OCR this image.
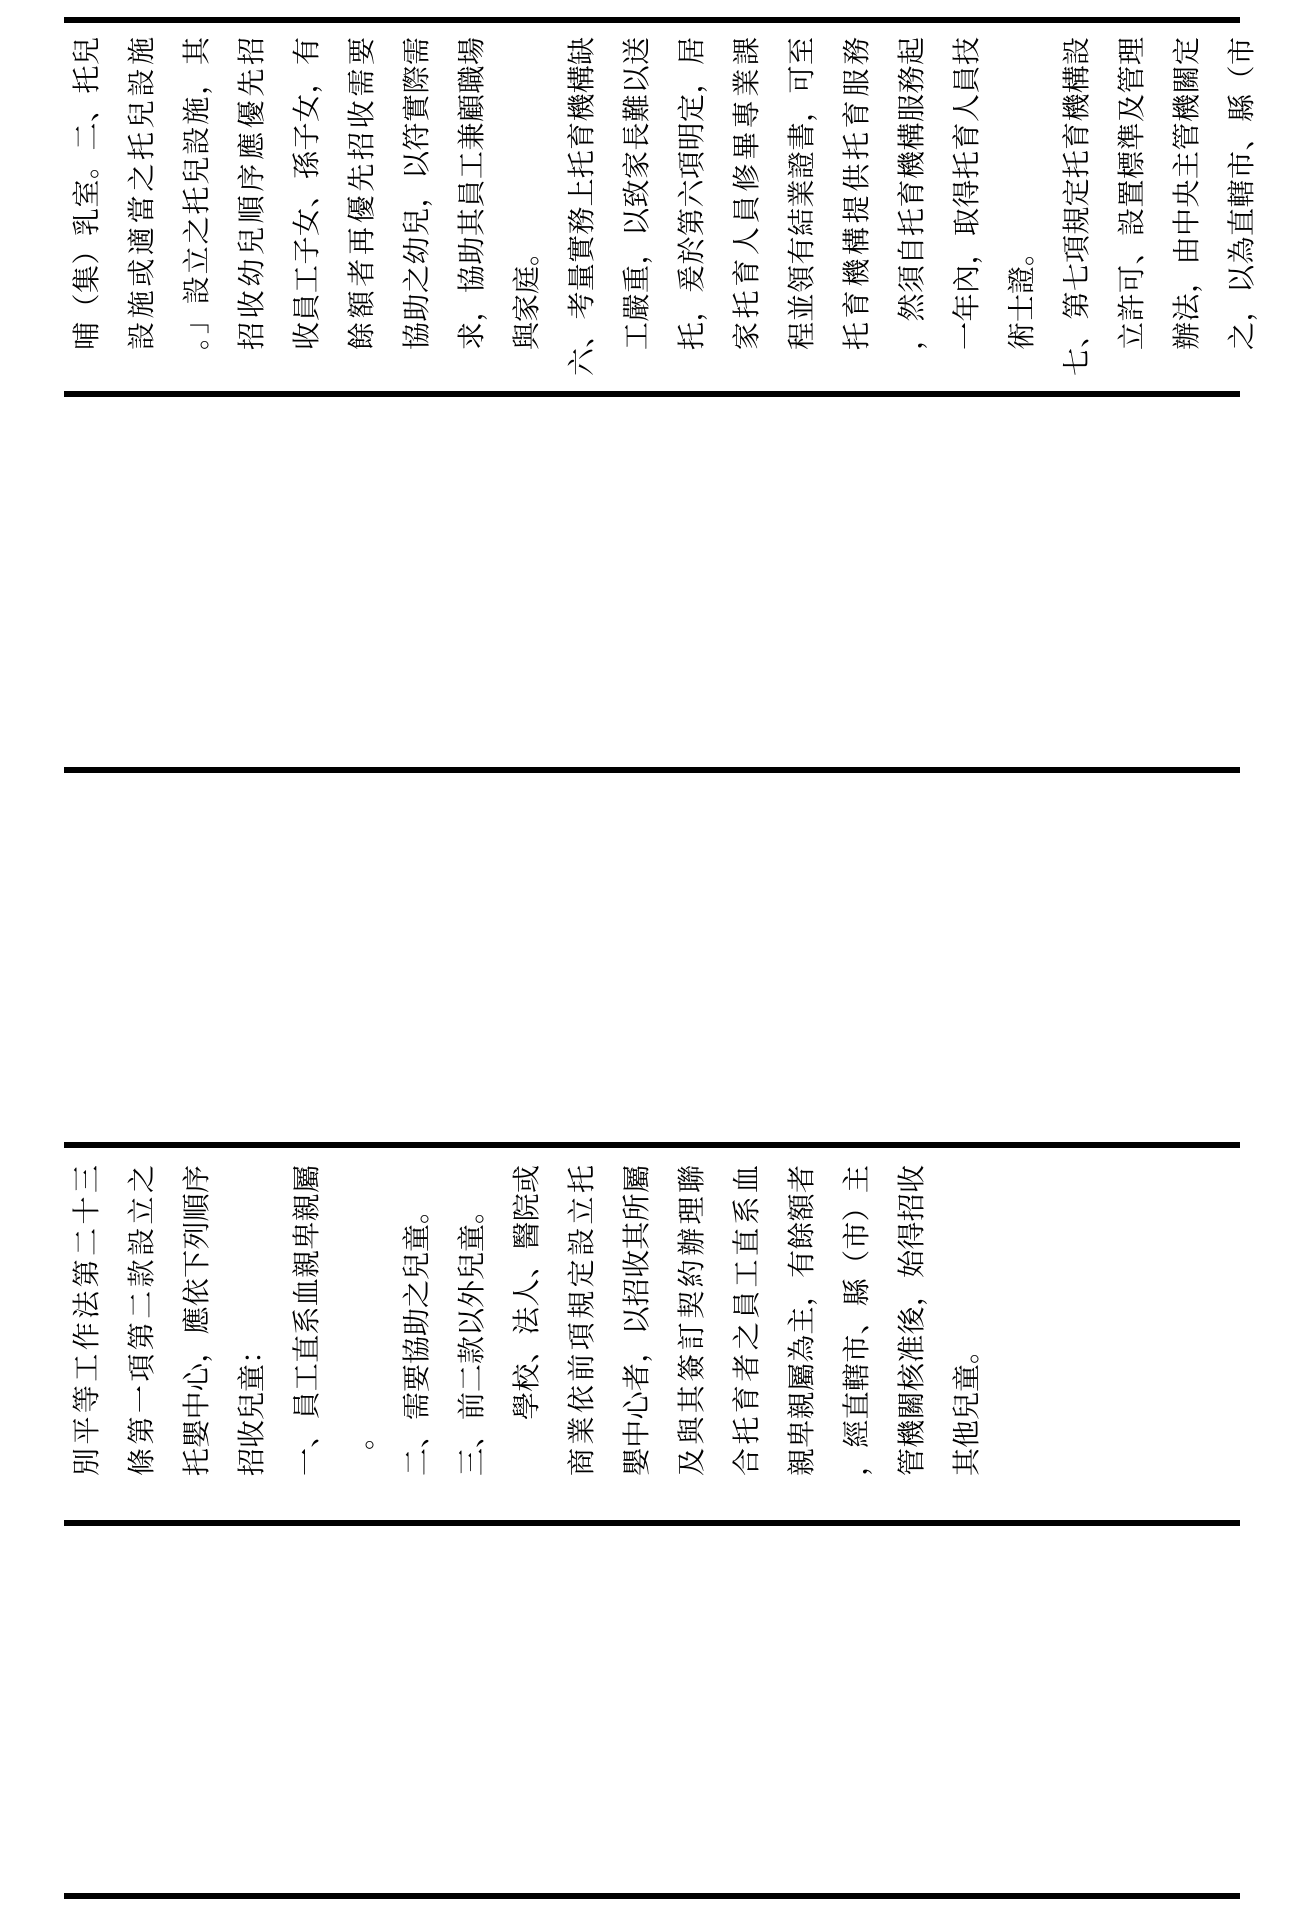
別平等工作法第二十三 條第一項第二款設立之 托嬰中心，應依下列順序 招收兒童： 一、員工直系血親卑親屬 。 二、需要協助之兒童。 三、前二款以外兒童。 學校、法人、醫院或 商業依前項規定設立托 嬰中心者，以招收其所屬 及與其簽訂契約辦理聯 合托育者之員工直系血 親卑親屬為主，有餘額者 ，經直轄市、縣（市）主 管機關核准後，始得招收 其他兒童。
哺（集）乳室。二、托兒 設施或適當之托兒設施 。」設立之托兒設施，其 招收幼兒順序應優先招 收員工子女、孫子女，有 餘額者再優先招收需要 協助之幼兒，以符實際需 求，協助其員工兼顧職場 與家庭。 六、考量實務上托育機構缺 工嚴重，以致家長難以送 托，爰於第六項明定，居 家托育人員修畢專業課 程並領有結業證書，可至 托育機構提供托育服務 ，然須自托育機構服務起 一年內，取得托育人員技 術士證。 七、第七項規定托育機構設 立許可、設置標準及管理 辦法，由中央主管機關定 之，以為直轄市、縣（市
